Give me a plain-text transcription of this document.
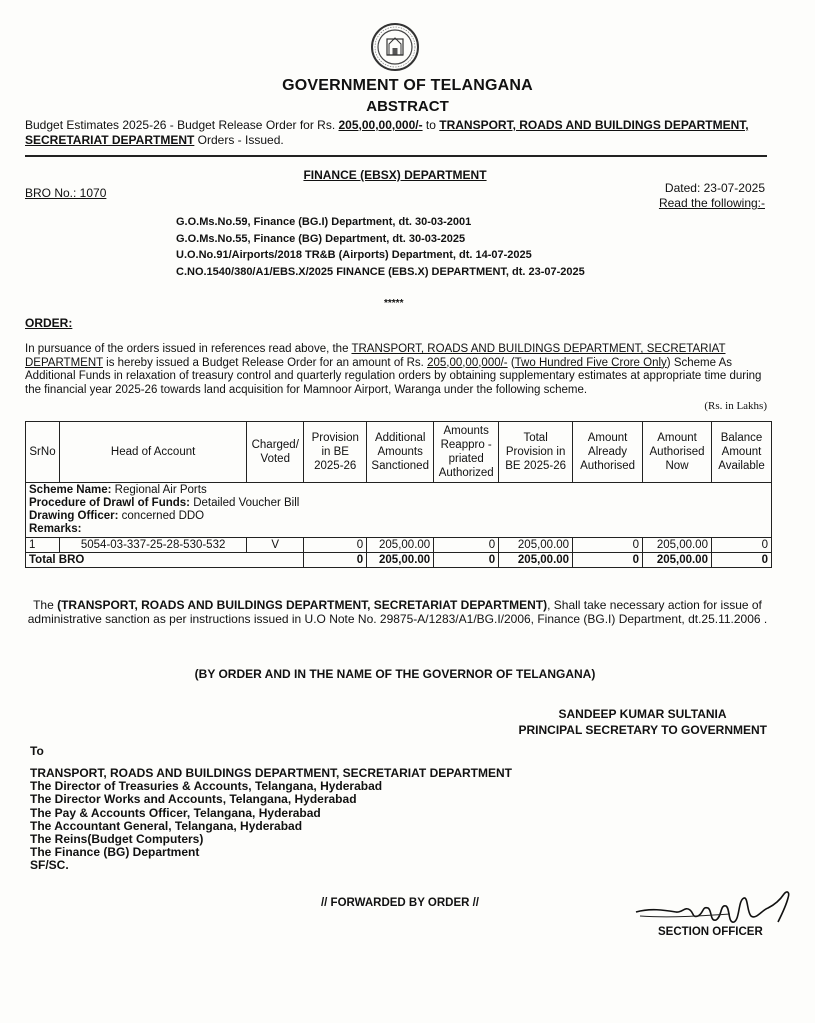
GOVERNMENT OF TELANGANA
ABSTRACT
Budget Estimates 2025-26 - Budget Release Order for Rs. 205,00,00,000/- to TRANSPORT, ROADS AND BUILDINGS DEPARTMENT, SECRETARIAT DEPARTMENT Orders - Issued.
FINANCE (EBSX) DEPARTMENT
BRO No.: 1070	Dated: 23-07-2025
Read the following:-
G.O.Ms.No.59, Finance (BG.I) Department, dt. 30-03-2001
G.O.Ms.No.55, Finance (BG) Department, dt. 30-03-2025
U.O.No.91/Airports/2018 TR&B (Airports) Department, dt. 14-07-2025
C.NO.1540/380/A1/EBS.X/2025 FINANCE (EBS.X) DEPARTMENT, dt. 23-07-2025
*****
ORDER:
In pursuance of the orders issued in references read above, the TRANSPORT, ROADS AND BUILDINGS DEPARTMENT, SECRETARIAT DEPARTMENT is hereby issued a Budget Release Order for an amount of Rs. 205,00,00,000/- (Two Hundred Five Crore Only) Scheme As Additional Funds in relaxation of treasury control and quarterly regulation orders by obtaining supplementary estimates at appropriate time during the financial year 2025-26 towards land acquisition for Mamnoor Airport, Waranga under the following scheme.
(Rs. in Lakhs)
SrNo	Head of Account	Charged/ Voted	Provision in BE 2025-26	Additional Amounts Sanctioned	Amounts Reappro -priated Authorized	Total Provision in BE 2025-26	Amount Already Authorised	Amount Authorised Now	Balance Amount Available

Scheme Name: Regional Air Ports
Procedure of Drawl of Funds: Detailed Voucher Bill
Drawing Officer: concerned DDO
Remarks:									

1	5054-03-337-25-28-530-532	V	0	205,00.00	0	205,00.00	0	205,00.00	0
Total BRO			0	205,00.00	0	205,00.00	0	205,00.00	0
The (TRANSPORT, ROADS AND BUILDINGS DEPARTMENT, SECRETARIAT DEPARTMENT), Shall take necessary action for issue of administrative sanction as per instructions issued in U.O Note No. 29875-A/1283/A1/BG.I/2006, Finance (BG.I) Department, dt.25.11.2006 .
(BY ORDER AND IN THE NAME OF THE GOVERNOR OF TELANGANA)
SANDEEP KUMAR SULTANIA
PRINCIPAL SECRETARY TO GOVERNMENT
To
TRANSPORT, ROADS AND BUILDINGS DEPARTMENT, SECRETARIAT DEPARTMENT
The Director of Treasuries & Accounts, Telangana, Hyderabad
The Director Works and Accounts, Telangana, Hyderabad
The Pay & Accounts Officer, Telangana, Hyderabad
The Accountant General, Telangana, Hyderabad
The Reins(Budget Computers)
The Finance (BG) Department
SF/SC.
// FORWARDED BY ORDER //
SECTION OFFICER
